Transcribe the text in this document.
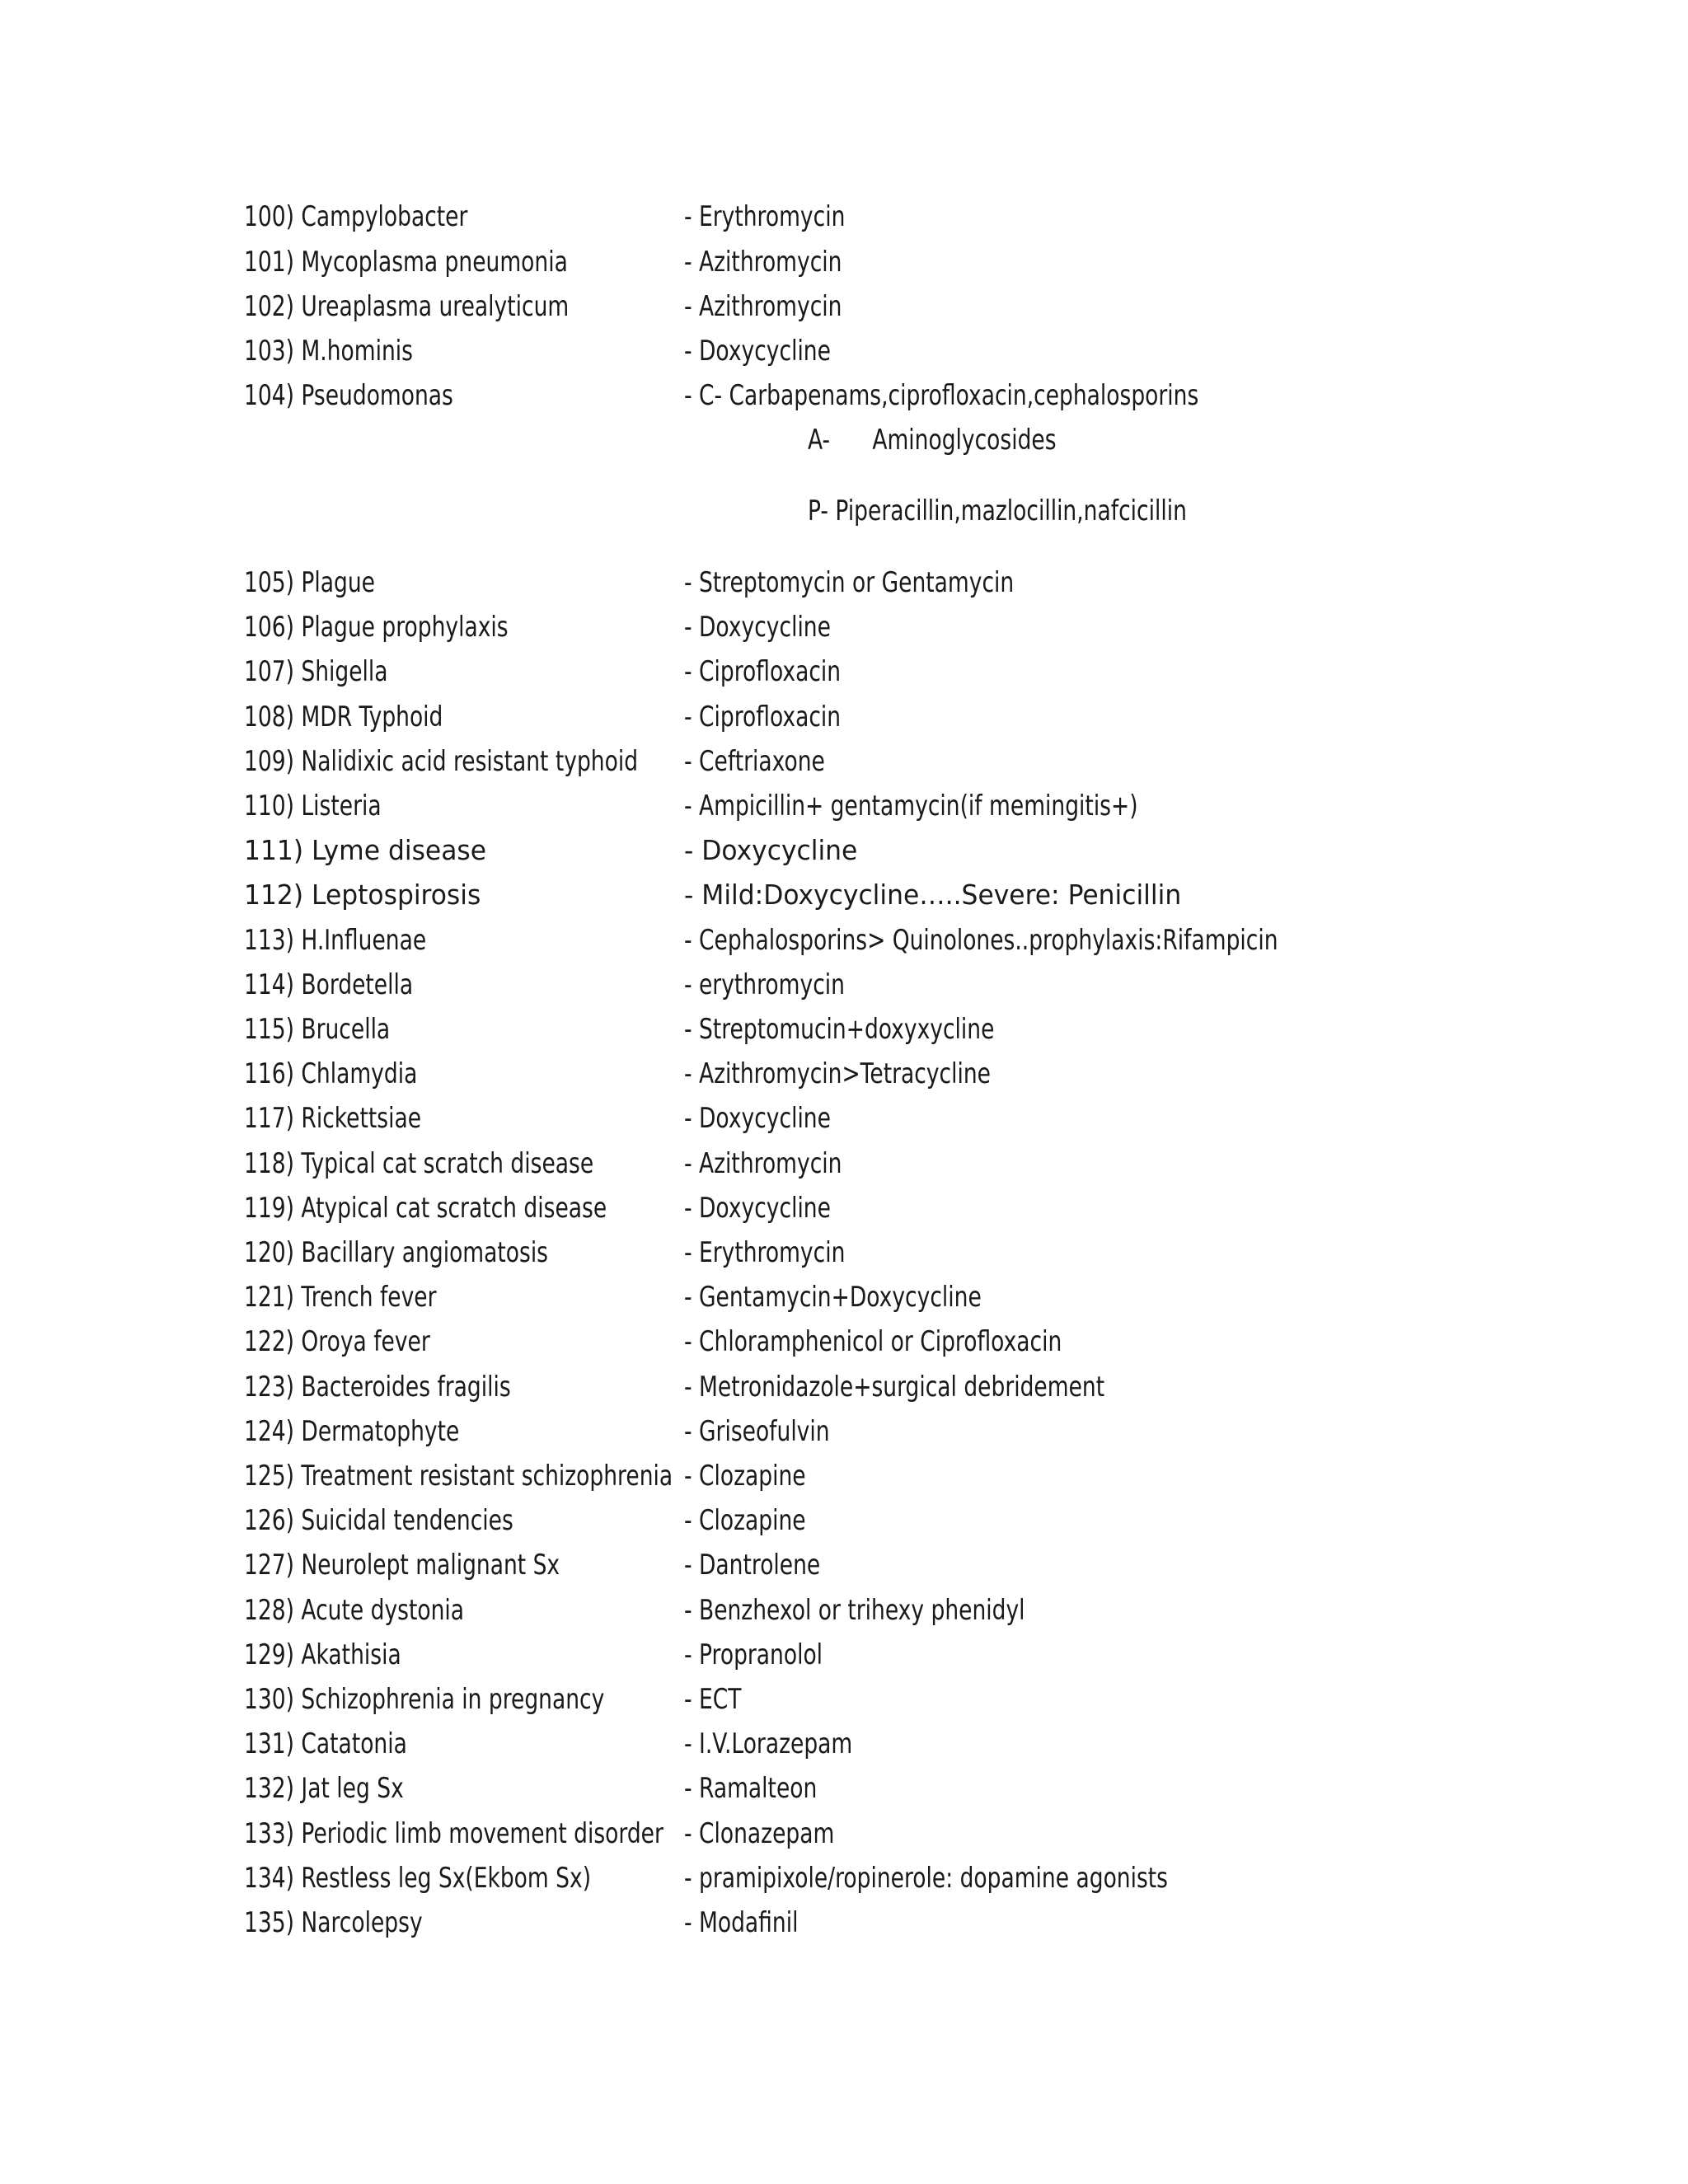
100) Campylobacter	- Erythromycin
101) Mycoplasma pneumonia	- Azithromycin
102) Ureaplasma urealyticum	- Azithromycin
103) M.hominis	- Doxycycline
104) Pseudomonas	- C- Carbapenams,ciprofloxacin,cephalosporins
A- Aminoglycosides
P- Piperacillin,mazlocillin,nafcicillin
105) Plague	- Streptomycin or Gentamycin
106) Plague prophylaxis	- Doxycycline
107) Shigella	- Ciprofloxacin
108) MDR Typhoid	- Ciprofloxacin
109) Nalidixic acid resistant typhoid - Ceftriaxone
110) Listeria	- Ampicillin+ gentamycin(if memingitis+)
111) Lyme disease	- Doxycycline
112) Leptospirosis	- Mild:Doxycycline…..Severe: Penicillin
113) H.Influenae	- Cephalosporins> Quinolones..prophylaxis:Rifampicin
114) Bordetella	- erythromycin
115) Brucella	- Streptomucin+doxyxycline
116) Chlamydia	- Azithromycin>Tetracycline
117) Rickettsiae	- Doxycycline
118) Typical cat scratch disease	- Azithromycin
119) Atypical cat scratch disease	- Doxycycline
120) Bacillary angiomatosis	- Erythromycin
121) Trench fever	- Gentamycin+Doxycycline
122) Oroya fever	- Chloramphenicol or Ciprofloxacin
123) Bacteroides fragilis	- Metronidazole+surgical debridement
124) Dermatophyte	- Griseofulvin
125) Treatment resistant schizophrenia - Clozapine
126) Suicidal tendencies	- Clozapine
127) Neurolept malignant Sx	- Dantrolene
128) Acute dystonia	- Benzhexol or trihexy phenidyl
129) Akathisia	- Propranolol
130) Schizophrenia in pregnancy	- ECT
131) Catatonia	- I.V.Lorazepam
132) Jat leg Sx	- Ramalteon
133) Periodic limb movement disorder - Clonazepam
134) Restless leg Sx(Ekbom Sx)	- pramipixole/ropinerole: dopamine agonists
135) Narcolepsy	- Modafinil
